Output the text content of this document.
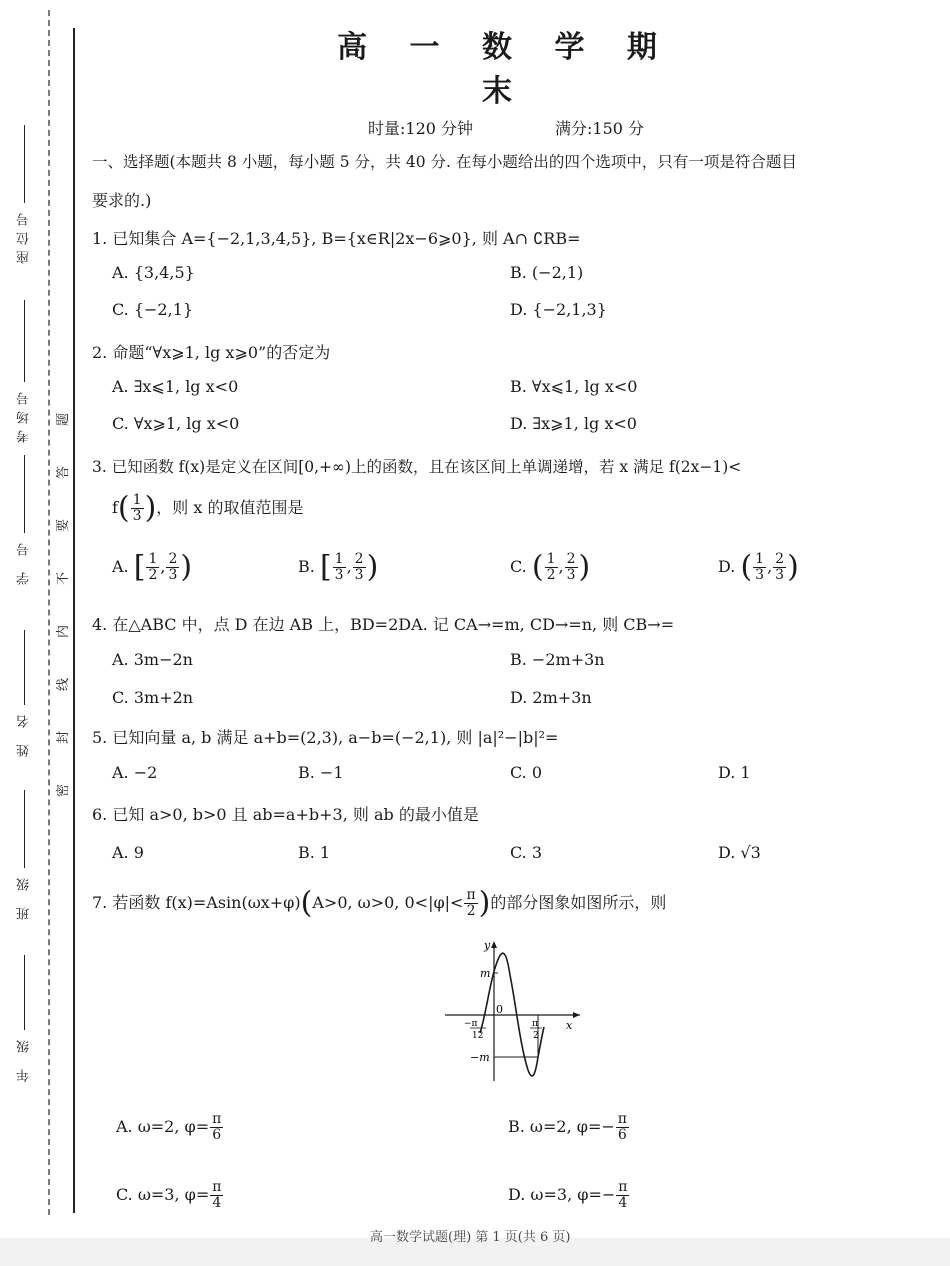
座位号
考场号
学 号
姓 名
班 级
年 级
题
答
要
不
内
线
封
密
高 一 数 学 期 末
时量:120 分钟	满分:150 分
一、选择题(本题共 8 小题，每小题 5 分，共 40 分. 在每小题给出的四个选项中，只有一项是符合题目
要求的.)
1. 已知集合 A={−2,1,3,4,5}, B={x∈R|2x−6⩾0}, 则 A∩ ∁RB=
A. {3,4,5}	B. (−2,1)
C. {−2,1}	D. {−2,1,3}
2. 命题“∀x⩾1, lg x⩾0”的否定为
A. ∃x⩽1, lg x<0	B. ∀x⩽1, lg x<0
C. ∀x⩾1, lg x<0	D. ∃x⩾1, lg x<0
3. 已知函数 f(x)是定义在区间[0,+∞)上的函数，且在该区间上单调递增，若 x 满足 f(2x−1)<
$f( \frac{1}{3}$ )，则 x 的取值范围是
A. [ $\frac{1}{2}$ , $\frac{2}{3}$ )	B. [ $\frac{1}{3}$ , $\frac{2}{3}$ )	C. ( $\frac{1}{2}$ , $\frac{2}{3}$ )	D. ( $\frac{1}{3}$ , $\frac{2}{3}$ )
4. 在△ABC 中，点 D 在边 AB 上，BD=2DA. 记 CA→=m, CD→=n, 则 CB→=
A. 3m−2n	B. −2m+3n
C. 3m+2n	D. 2m+3n
5. 已知向量 a, b 满足 a+b=(2,3), a−b=(−2,1), 则 |a|²−|b|²=
A. −2	B. −1	C. 0	D. 1
6. 已知 a>0, b>0 且 ab=a+b+3, 则 ab 的最小值是
A. 9	B. 1	C. 3	D. √3
7. 若函数 f(x)=Asin(ωx+φ)(A>0, ω>0, $0<|\varphi|< \frac{\pi}{2}$ )的部分图象如图所示，则
y
x
m
−m
0
−π
12
π
2
A. ω=2, $\varphi= \frac{\pi}{6}$	B. ω=2, $\varphi=- \frac{\pi}{6}$
C. ω=3, $\varphi= \frac{\pi}{4}$	D. ω=3, $\varphi=- \frac{\pi}{4}$
高一数学试题(理) 第 1 页(共 6 页)
